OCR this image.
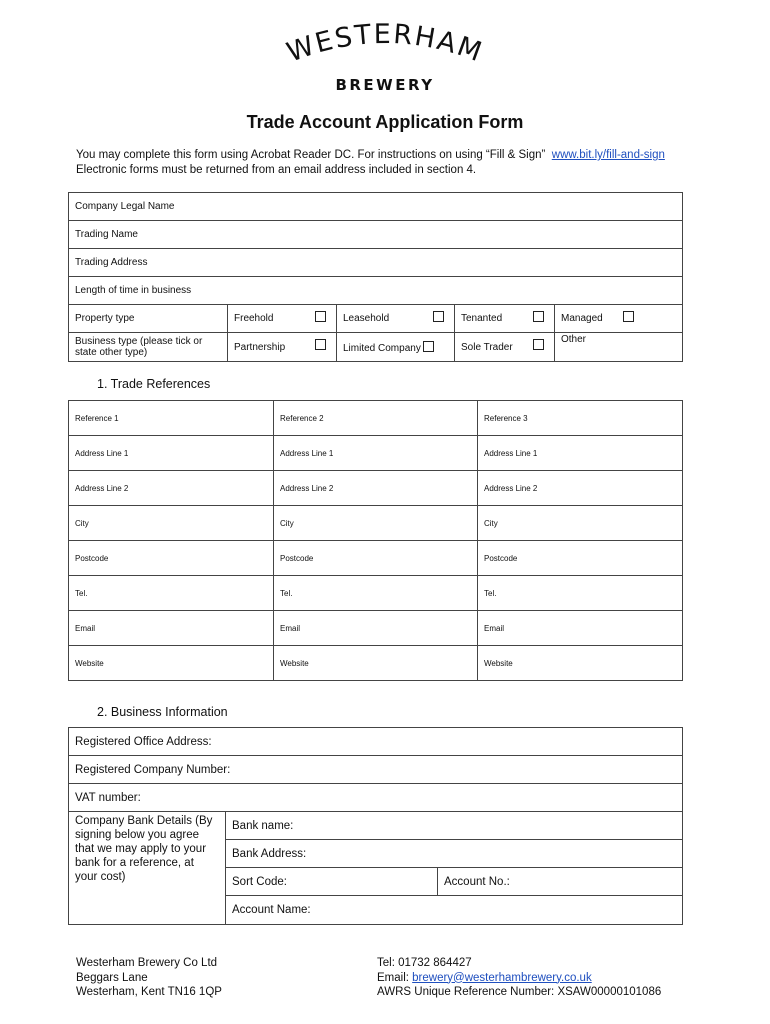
WESTERHAM
BREWERY
Trade Account Application Form
You may complete this form using Acrobat Reader DC. For instructions on using “Fill & Sign” www.bit.ly/fill-and-sign
Electronic forms must be returned from an email address included in section 4.
Company Legal Name				
Trading Name				
Trading Address				
Length of time in business				
Property type	Freehold	Leasehold	Tenanted	Managed

Business type (please tick or state other type)	Partnership	Limited Company	Sole Trader	Other
1. Trade References
Reference 1	Reference 2	Reference 3
Address Line 1	Address Line 1	Address Line 1
Address Line 2	Address Line 2	Address Line 2
City	City	City
Postcode	Postcode	Postcode
Tel.	Tel.	Tel.
Email	Email	Email
Website	Website	Website
2. Business Information
Registered Office Address:		
Registered Company Number:		
VAT number:		
Company Bank Details (By signing below you agree that we may apply to your bank for a reference, at your cost)	Bank name:	
	Bank Address:	
	Sort Code:	Account No.:
	Account Name:	
Westerham Brewery Co Ltd
Beggars Lane
Westerham, Kent TN16 1QP
Tel: 01732 864427
Email: brewery@westerhambrewery.co.uk
AWRS Unique Reference Number: XSAW00000101086
